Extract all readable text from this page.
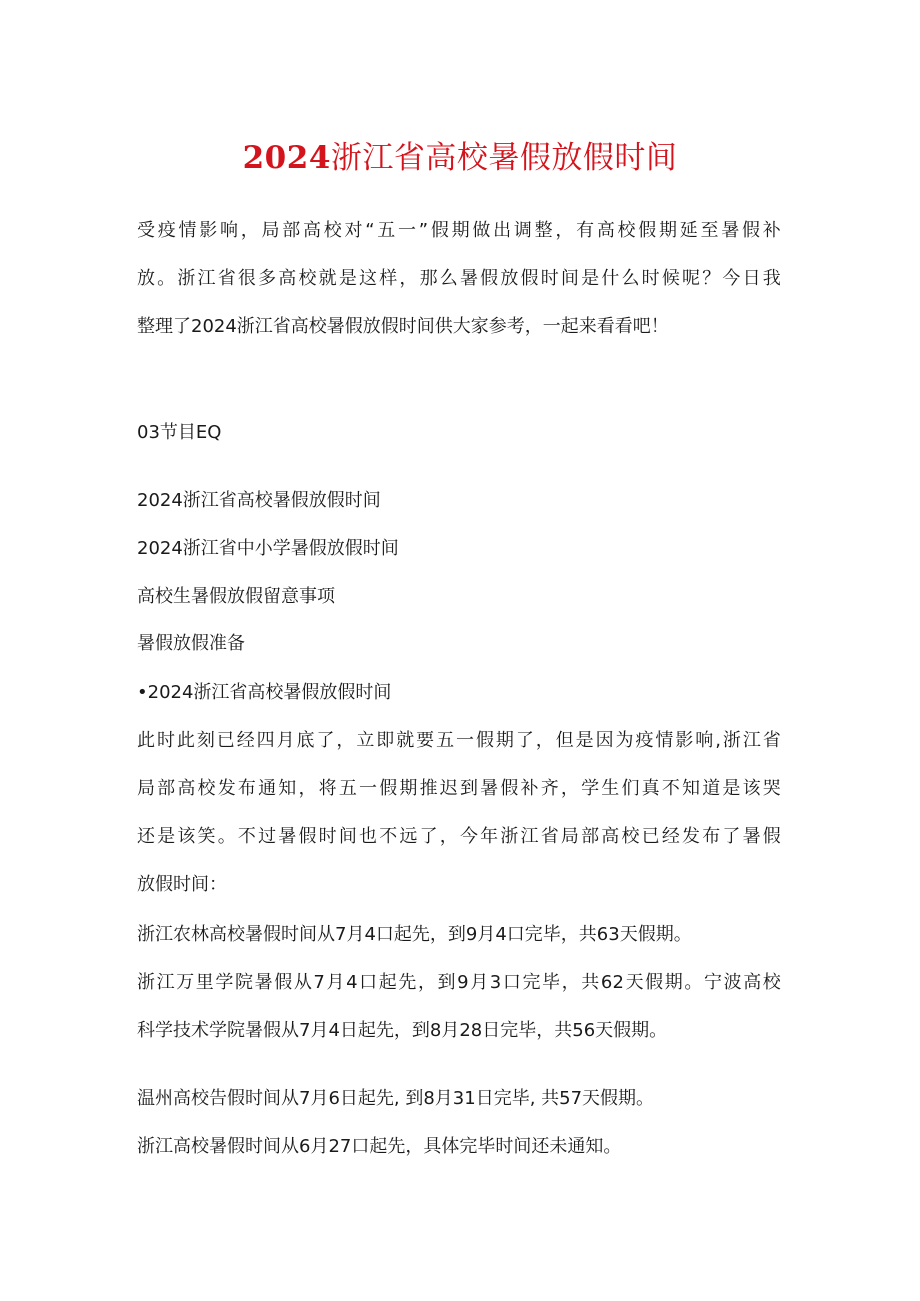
2024浙江省高校暑假放假时间
受疫情影响，局部高校对“五一”假期做出调整，有高校假期延至暑假补
放。浙江省很多高校就是这样，那么暑假放假时间是什么时候呢？今日我
整理了2024浙江省高校暑假放假时间供大家参考，一起来看看吧！
03节目EQ
2024浙江省高校暑假放假时间
2024浙江省中小学暑假放假时间
高校生暑假放假留意事项
暑假放假准备
•2024浙江省高校暑假放假时间
此时此刻已经四月底了，立即就要五一假期了，但是因为疫情影响,浙江省
局部高校发布通知，将五一假期推迟到暑假补齐，学生们真不知道是该哭
还是该笑。不过暑假时间也不远了，今年浙江省局部高校已经发布了暑假
放假时间：
浙江农林高校暑假时间从7月4口起先，到9月4口完毕，共63天假期。
浙江万里学院暑假从7月4口起先，到9月3口完毕，共62天假期。宁波高校
科学技术学院暑假从7月4日起先，到8月28日完毕，共56天假期。
温州高校告假时间从7月6日起先, 到8月31日完毕, 共57天假期。
浙江高校暑假时间从6月27口起先，具体完毕时间还未通知。
